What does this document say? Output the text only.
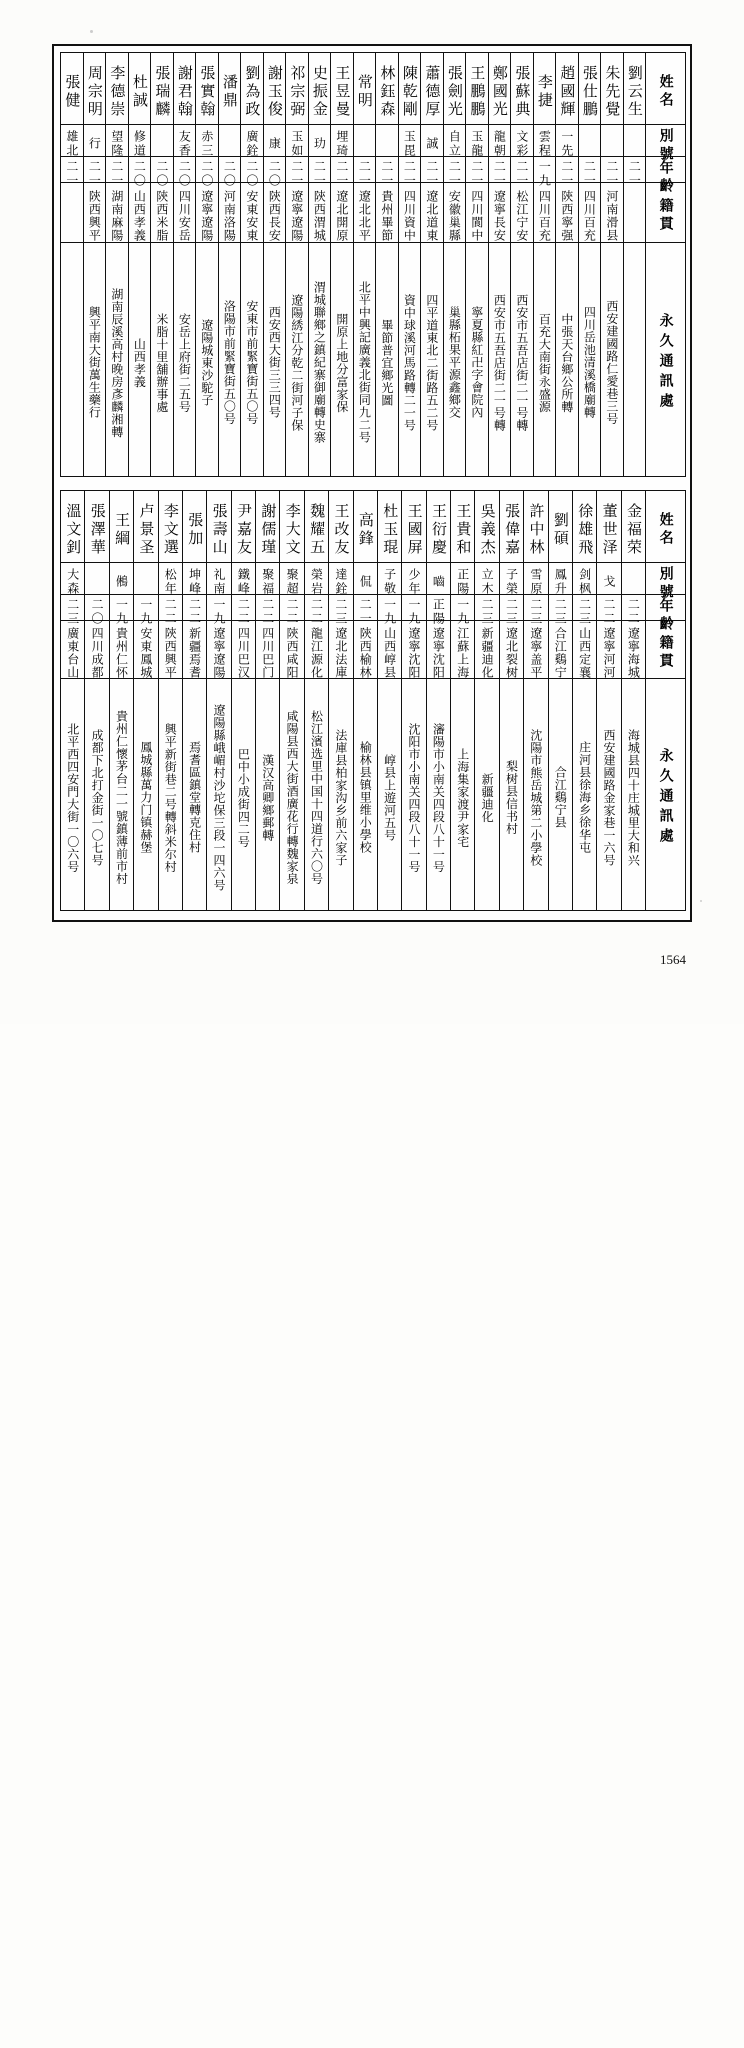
張健	周宗明	李德崇	杜誠	張瑞麟	謝君翰	張實翰	潘鼎	劉為政	謝玉俊	祁宗弼	史振金	王昱曼	常明	林鈺森	陳乾剛	蕭德厚	張劍光	王鵬鵬	鄭國光	張蘇典	李捷	趙國輝	張仕鵬	朱先覺	劉云生	姓名

雄北	行	望隆	修道		友香	赤三		廣銓	康	玉如	玏	埋琦			玉毘	誠	自立	玉龍	龍朝	文彩	雲程	一先				別號

二一	二一	二一	二〇	二〇	二〇	二〇	二〇	二〇	二〇	二一	二一	二一	二一	二一	二一	二一	二一	二一	二一	二一	一九	二一	二一	二一	二一	年齡

	陝西興平	湖南麻陽	山西孝義	陝西米脂	四川安岳	遼寧遼陽	河南洛陽	安東安東	陝西長安	遼寧遼陽	陝西渭城	遼北開原	遼北北平	貴州畢節	四川資中	遼北道東	安徽巢縣	四川閬中	遼寧長安	松江宁安	四川百充	陝西寧强	四川百充	河南滑县		籍貫

	興平南大街萬生藥行	湖南辰溪高村晚房彥麟湘轉	山西孝義	米脂十里舖辦事處	安岳上府街二五号	遼陽城東沙駝子	洛陽市前緊寶街五〇号	安東市前緊寶街五〇号	西安西大街三三四号	遼陽綉江分乾二街河子保	渭城聯鄉之鎮紀寨御廟轉史寨	開原上地分富家保	北平中興記廣義北街同九二号	畢節普宜鄉光圖	資中球溪河馬路轉二一号	四平道東北二街路五二号	巢縣柘果平源鑫鄉交	寧夏縣紅卍字會院內	西安市五吾店街二一号轉	西安市五吾店街二一号轉	百充大南街永盛源	中張天台鄉公所轉	四川岳池清溪橋廟轉	西安建國路仁愛巷三号		永久通訊處
溫文釗	張澤華	王綱	卢景圣	李文選	張加	張壽山	尹嘉友	謝儒瑾	李大文	魏耀五	王改友	高鋒	杜玉琨	王國屏	王衍慶	王貴和	吳義杰	張偉嘉	許中林	劉碩	徐雄飛	董世泽	金福荣	姓名

大森		鵂		松年	坤峰	礼南	鐵峰	聚福	聚超	榮岩	達銓	侃	子敬	少年	嚙	正陽	立木	子榮	雪原	鳳升	剑枫	戈		別號

二三	二〇	一九	一九	二二	二二	一九	二二	二二	二二	二二	二三	二一	一九	一九	正陽	一九	二三	二三	二三	二三	二三	二二	二二	年齡

廣東台山	四川成都	貴州仁怀	安東鳳城	陝西興平	新疆焉耆	遼寧遼陽	四川巴汉	四川巴门	陝西咸阳	龍江源化	遼北法庫	陝西榆林	山西崞县	遼寧沈阳	遼寧沈阳	江蘇上海	新疆迪化	遼北裂树	遼寧盖平	合江鷄宁	山西定襄	遼寧河河	遼寧海城	籍貫

北平西四安門大街一〇六号	成都下北打金街一〇七号	貴州仁懷茅台二一號鎮薄前市村	鳳城縣萬力门镇赫堡	興平新街巷二号轉斜米尔村	焉耆區鎮堂轉克住村	遼陽縣峨嵋村沙坨保三段一四六号	巴中小成街四二号	漢汉高卿鄉郵轉	咸陽县西大街酒廣花行轉魏家泉	松江濱选里中国十四道行六〇号	法庫县柏家沟乡前六家子	榆林县镇里维小學校	崞县上遊河五号	沈阳市小南关四段八十一号	瀋陽市小南关四段八十一号	上海集家渡尹家宅	新疆迪化	梨树县信书村	沈陽市熊岳城第二小學校	合江鷄宁县	庄河县徐海乡徐华屯	西安建國路金家巷一六号	海城县四十庄城里大和兴	永久通訊處
1564
